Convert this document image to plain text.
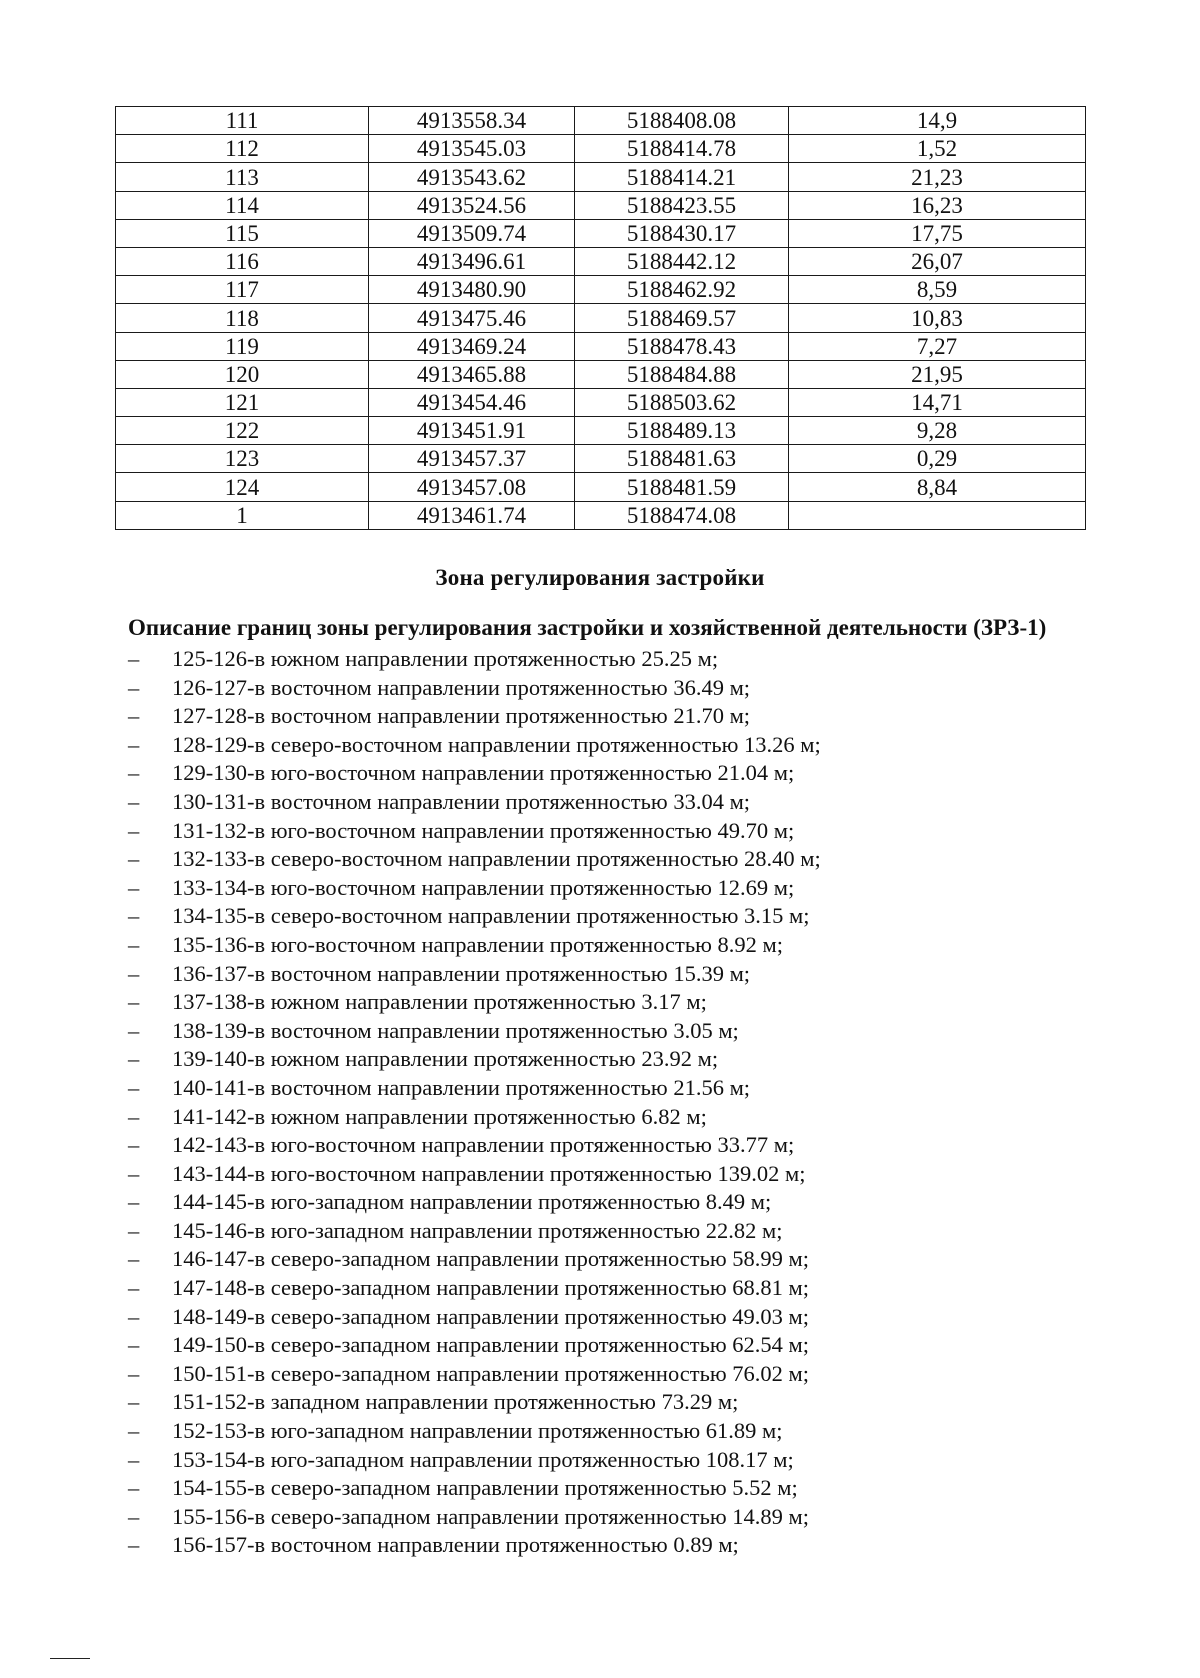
111	4913558.34	5188408.08	14,9
112	4913545.03	5188414.78	1,52
113	4913543.62	5188414.21	21,23
114	4913524.56	5188423.55	16,23
115	4913509.74	5188430.17	17,75
116	4913496.61	5188442.12	26,07
117	4913480.90	5188462.92	8,59
118	4913475.46	5188469.57	10,83
119	4913469.24	5188478.43	7,27
120	4913465.88	5188484.88	21,95
121	4913454.46	5188503.62	14,71
122	4913451.91	5188489.13	9,28
123	4913457.37	5188481.63	0,29
124	4913457.08	5188481.59	8,84
1	4913461.74	5188474.08	
Зона регулирования застройки
Описание границ зоны регулирования застройки и хозяйственной деятельности (ЗРЗ-1)
– 125-126-в южном направлении протяженностью 25.25 м;
– 126-127-в восточном направлении протяженностью 36.49 м;
– 127-128-в восточном направлении протяженностью 21.70 м;
– 128-129-в северо-восточном направлении протяженностью 13.26 м;
– 129-130-в юго-восточном направлении протяженностью 21.04 м;
– 130-131-в восточном направлении протяженностью 33.04 м;
– 131-132-в юго-восточном направлении протяженностью 49.70 м;
– 132-133-в северо-восточном направлении протяженностью 28.40 м;
– 133-134-в юго-восточном направлении протяженностью 12.69 м;
– 134-135-в северо-восточном направлении протяженностью 3.15 м;
– 135-136-в юго-восточном направлении протяженностью 8.92 м;
– 136-137-в восточном направлении протяженностью 15.39 м;
– 137-138-в южном направлении протяженностью 3.17 м;
– 138-139-в восточном направлении протяженностью 3.05 м;
– 139-140-в южном направлении протяженностью 23.92 м;
– 140-141-в восточном направлении протяженностью 21.56 м;
– 141-142-в южном направлении протяженностью 6.82 м;
– 142-143-в юго-восточном направлении протяженностью 33.77 м;
– 143-144-в юго-восточном направлении протяженностью 139.02 м;
– 144-145-в юго-западном направлении протяженностью 8.49 м;
– 145-146-в юго-западном направлении протяженностью 22.82 м;
– 146-147-в северо-западном направлении протяженностью 58.99 м;
– 147-148-в северо-западном направлении протяженностью 68.81 м;
– 148-149-в северо-западном направлении протяженностью 49.03 м;
– 149-150-в северо-западном направлении протяженностью 62.54 м;
– 150-151-в северо-западном направлении протяженностью 76.02 м;
– 151-152-в западном направлении протяженностью 73.29 м;
– 152-153-в юго-западном направлении протяженностью 61.89 м;
– 153-154-в юго-западном направлении протяженностью 108.17 м;
– 154-155-в северо-западном направлении протяженностью 5.52 м;
– 155-156-в северо-западном направлении протяженностью 14.89 м;
– 156-157-в восточном направлении протяженностью 0.89 м;
